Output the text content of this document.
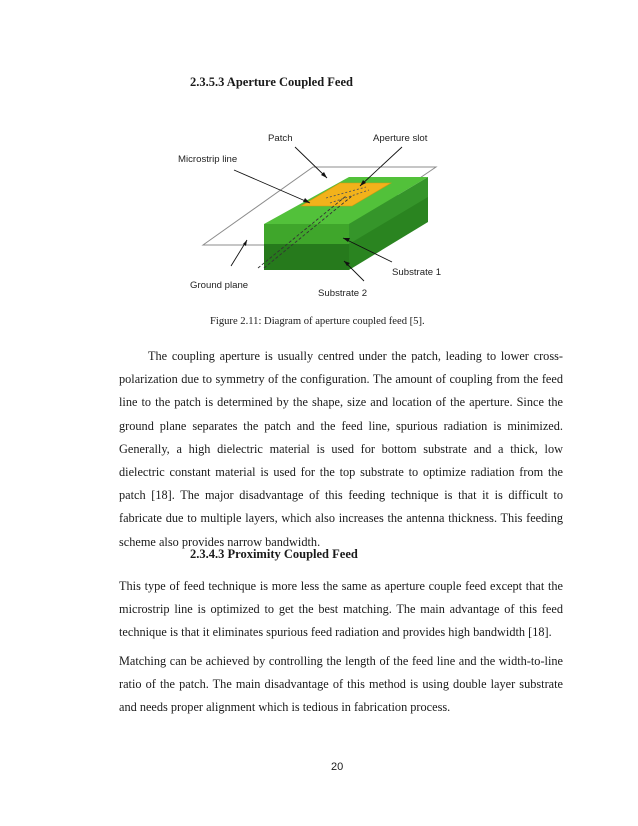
2.3.5.3 Aperture Coupled Feed
Patch	Aperture slot
Microstrip line
Substrate 1
Ground plane
Substrate 2
Figure 2.11: Diagram of aperture coupled feed [5].

The coupling aperture is usually centred under the patch, leading to lower cross-polarization due to symmetry of the configuration. The amount of coupling from the feed line to the patch is determined by the shape, size and location of the aperture. Since the ground plane separates the patch and the feed line, spurious radiation is minimized. Generally, a high dielectric material is used for bottom substrate and a thick, low dielectric constant material is used for the top substrate to optimize radiation from the patch [18]. The major disadvantage of this feeding technique is that it is difficult to fabricate due to multiple layers, which also increases the antenna thickness. This feeding scheme also provides narrow bandwidth.

2.3.4.3 Proximity Coupled Feed

This type of feed technique is more less the same as aperture couple feed except that the microstrip line is optimized to get the best matching. The main advantage of this feed technique is that it eliminates spurious feed radiation and provides high bandwidth [18].

Matching can be achieved by controlling the length of the feed line and the width-to-line ratio of the patch. The main disadvantage of this method is using double layer substrate and needs proper alignment which is tedious in fabrication process.

20
